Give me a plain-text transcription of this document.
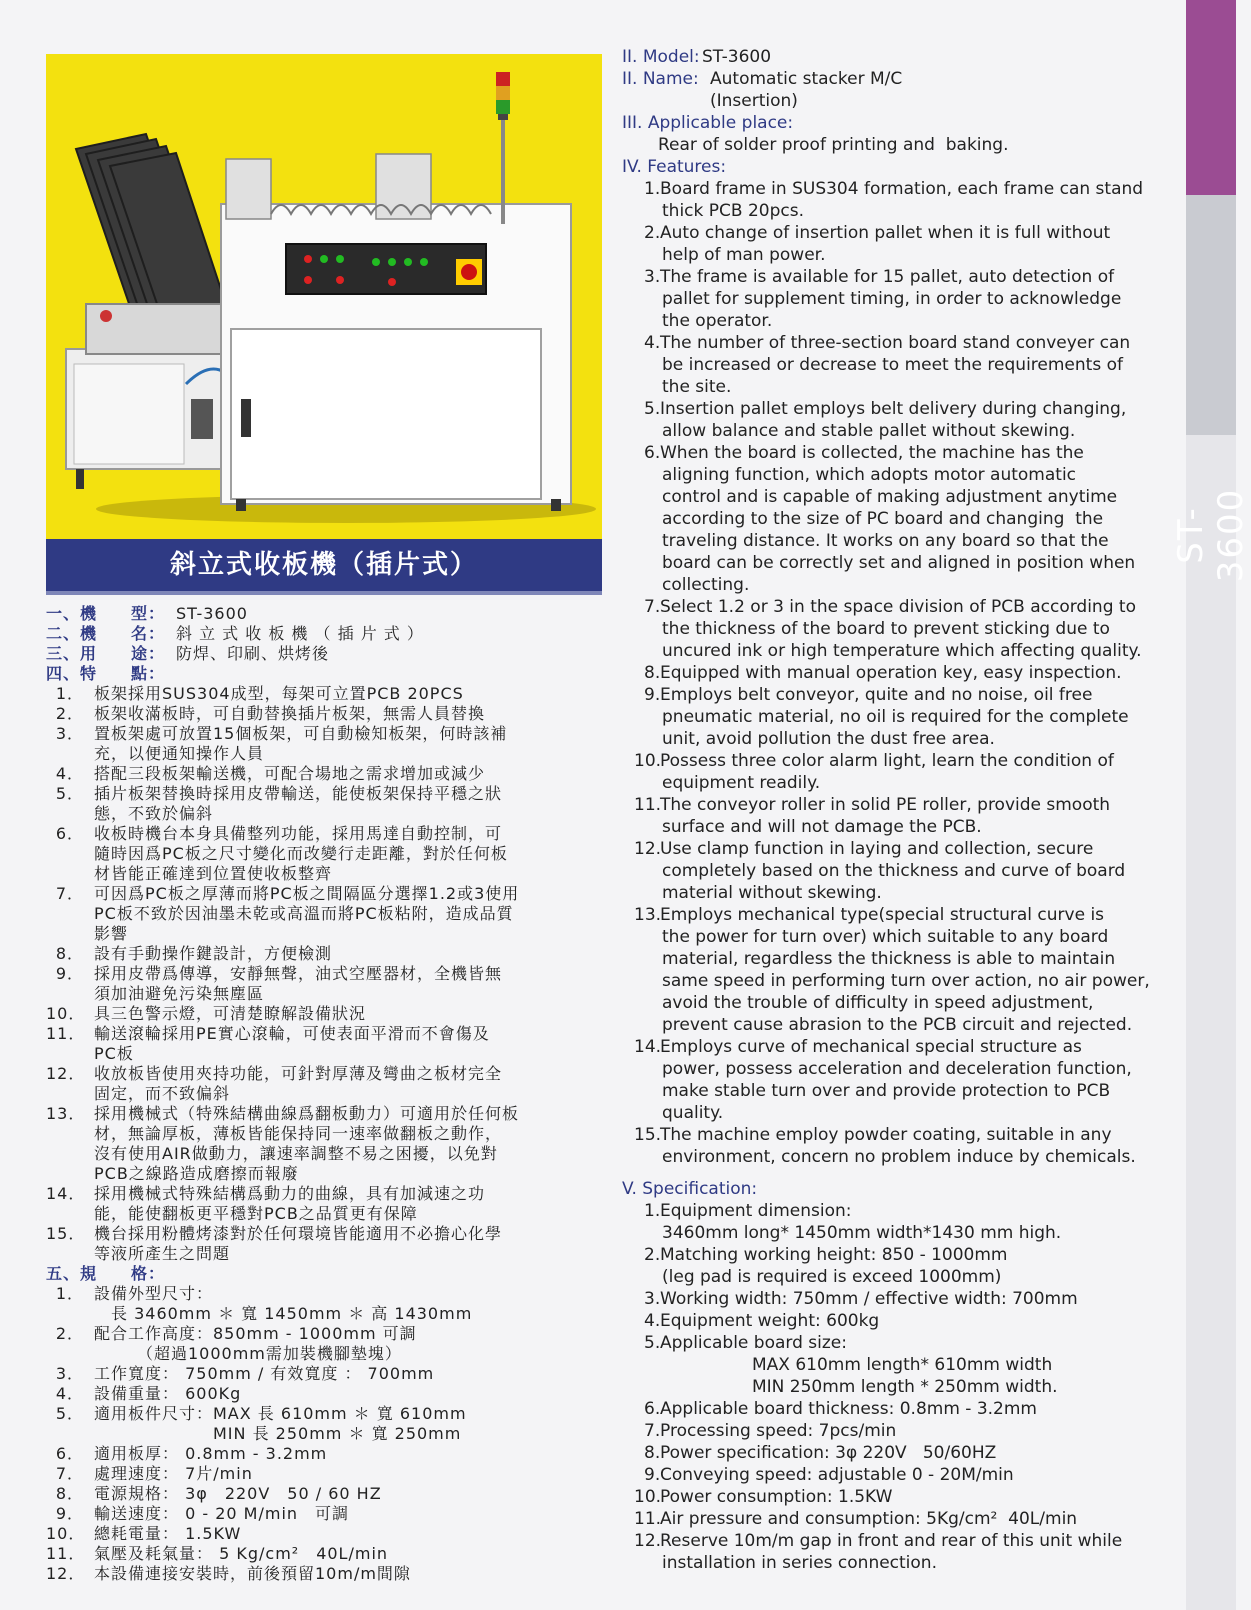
ST-3600
斜立式收板機（插片式）
一、機　　型： ST-3600
二、機　　名： 斜 立 式 收 板 機 （ 插 片 式 ）
三、用　　途： 防焊、印刷、烘烤後
四、特　　點：
1． 板架採用SUS304成型，每架可立置PCB 20PCS
2． 板架收滿板時，可自動替換插片板架，無需人員替換
3． 置板架處可放置15個板架，可自動檢知板架，何時該補
充，以便通知操作人員
4． 搭配三段板架輸送機，可配合場地之需求增加或減少
5． 插片板架替換時採用皮帶輸送，能使板架保持平穩之狀
態，不致於偏斜
6． 收板時機台本身具備整列功能，採用馬達自動控制，可
隨時因爲PC板之尺寸變化而改變行走距離，對於任何板
材皆能正確達到位置使收板整齊
7． 可因爲PC板之厚薄而將PC板之間隔區分選擇1.2或3使用
PC板不致於因油墨未乾或高溫而將PC板粘附，造成品質
影響
8． 設有手動操作鍵設計，方便檢測
9． 採用皮帶爲傳導，安靜無聲，油式空壓器材，全機皆無
須加油避免污染無塵區
10． 具三色警示燈，可清楚瞭解設備狀況
11． 輸送滾輪採用PE實心滾輪，可使表面平滑而不會傷及
PC板
12． 收放板皆使用夾持功能，可針對厚薄及彎曲之板材完全
固定，而不致偏斜
13． 採用機械式（特殊結構曲線爲翻板動力）可適用於任何板
材，無論厚板，薄板皆能保持同一速率做翻板之動作，
沒有使用AIR做動力，讓速率調整不易之困擾，以免對
PCB之線路造成磨擦而報廢
14． 採用機械式特殊結構爲動力的曲線，具有加減速之功
能，能使翻板更平穩對PCB之品質更有保障
15． 機台採用粉體烤漆對於任何環境皆能適用不必擔心化學
等液所產生之問題
五、規　　格：
1． 設備外型尺寸：
　長 3460mm ＊ 寬 1450mm ＊ 高 1430mm
2． 配合工作高度：850mm - 1000mm 可調
　　　（超過1000mm需加裝機腳墊塊）
3． 工作寬度： 750mm / 有效寬度 ： 700mm
4． 設備重量： 600Kg
5． 適用板件尺寸：MAX 長 610mm ＊ 寬 610mm
　　　　　　　MIN 長 250mm ＊ 寬 250mm
6． 適用板厚： 0.8mm - 3.2mm
7． 處理速度： 7片/min
8． 電源規格： 3φ　220V　50 / 60 HZ
9． 輸送速度： 0 - 20 M/min　可調
10． 總耗電量： 1.5KW
11． 氣壓及耗氣量： 5 Kg/cm²　40L/min
12． 本設備連接安裝時，前後預留10m/m間隙
II. Model: ST-3600
II. Name: Automatic stacker M/C
(Insertion)
III. Applicable place:
Rear of solder proof printing and  baking.
IV. Features:
1. Board frame in SUS304 formation, each frame can stand
thick PCB 20pcs.
2. Auto change of insertion pallet when it is full without
help of man power.
3. The frame is available for 15 pallet, auto detection of
pallet for supplement timing, in order to acknowledge
the operator.
4. The number of three-section board stand conveyer can
be increased or decrease to meet the requirements of
the site.
5. Insertion pallet employs belt delivery during changing,
allow balance and stable pallet without skewing.
6. When the board is collected, the machine has the
aligning function, which adopts motor automatic
control and is capable of making adjustment anytime
according to the size of PC board and changing  the
traveling distance. It works on any board so that the
board can be correctly set and aligned in position when
collecting.
7. Select 1.2 or 3 in the space division of PCB according to
the thickness of the board to prevent sticking due to
uncured ink or high temperature which affecting quality.
8. Equipped with manual operation key, easy inspection.
9. Employs belt conveyor, quite and no noise, oil free
pneumatic material, no oil is required for the complete
unit, avoid pollution the dust free area.
10.
Possess three color alarm light, learn the condition of
equipment readily.
11.
The conveyor roller in solid PE roller, provide smooth
surface and will not damage the PCB.
12.
Use clamp function in laying and collection, secure
completely based on the thickness and curve of board
material without skewing.
13.
Employs mechanical type(special structural curve is
the power for turn over) which suitable to any board
material, regardless the thickness is able to maintain
same speed in performing turn over action, no air power,
avoid the trouble of difficulty in speed adjustment,
prevent cause abrasion to the PCB circuit and rejected.
14.
Employs curve of mechanical special structure as
power, possess acceleration and deceleration function,
make stable turn over and provide protection to PCB
quality.
15.
The machine employ powder coating, suitable in any
environment, concern no problem induce by chemicals.
V. Specification:
1. Equipment dimension:
3460mm long* 1450mm width*1430 mm high.
2. Matching working height: 850 - 1000mm
(leg pad is required is exceed 1000mm)
3. Working width: 750mm / effective width: 700mm
4. Equipment weight: 600kg
5. Applicable board size:
MAX 610mm length* 610mm width
MIN 250mm length * 250mm width.
6. Applicable board thickness: 0.8mm - 3.2mm
7. Processing speed: 7pcs/min
8. Power specification: 3φ 220V   50/60HZ
9. Conveying speed: adjustable 0 - 20M/min
10.
Power consumption: 1.5KW
11.
Air pressure and consumption: 5Kg/cm²  40L/min
12.
Reserve 10m/m gap in front and rear of this unit while
installation in series connection.
